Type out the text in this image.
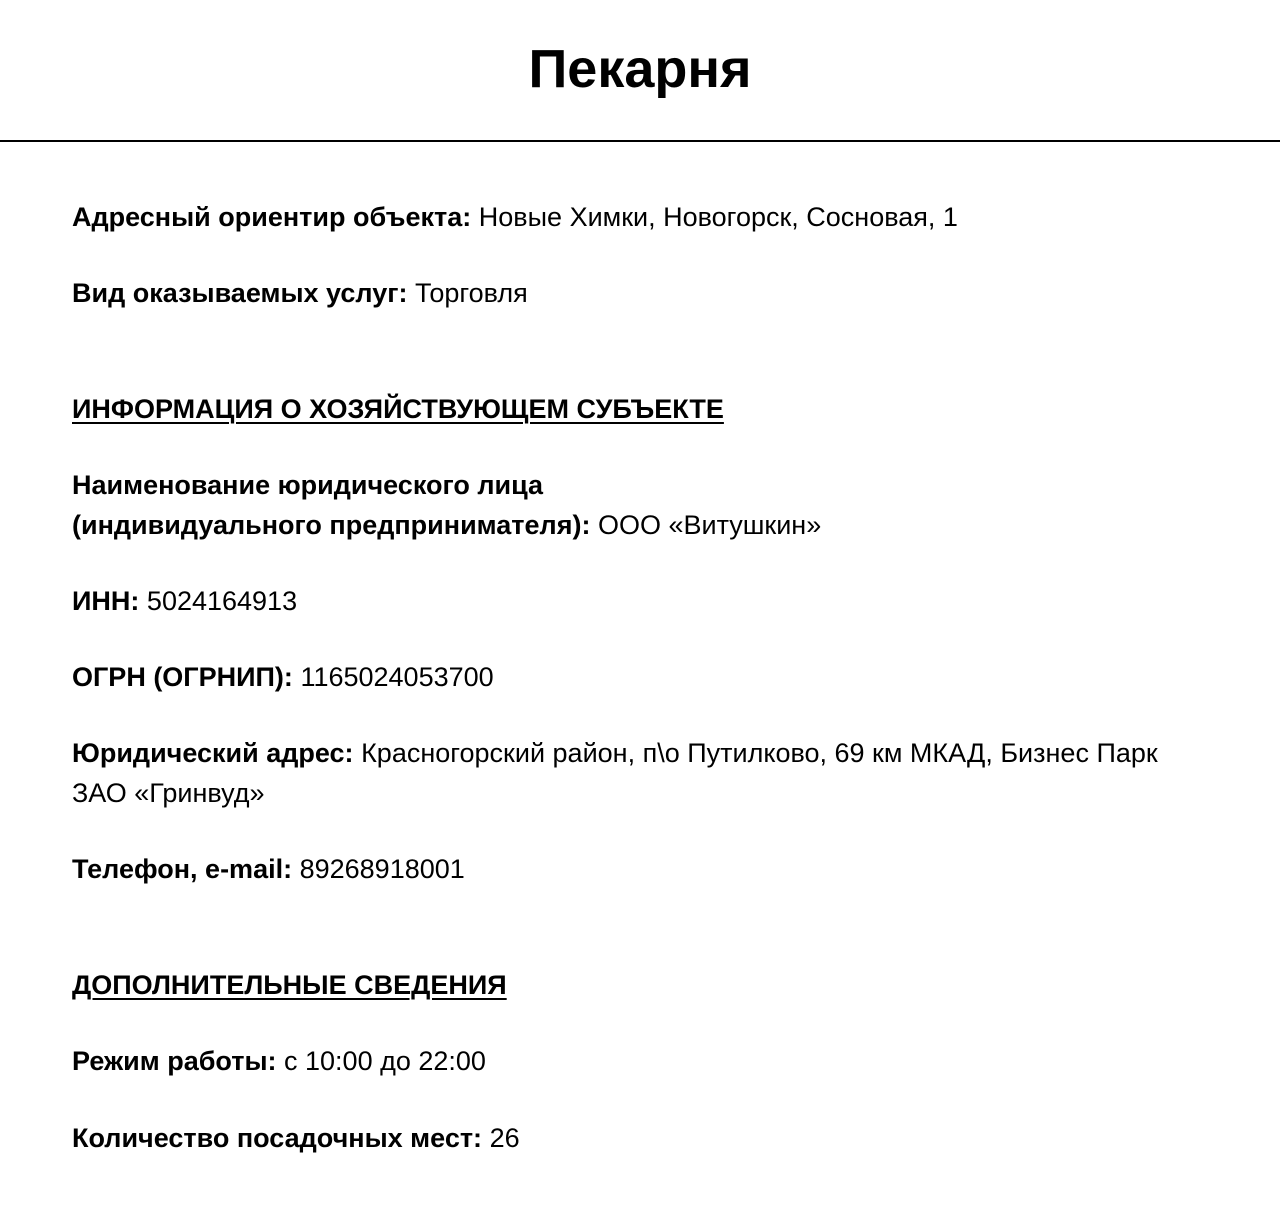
Пекарня
Адресный ориентир объекта: Новые Химки, Новогорск, Сосновая, 1
Вид оказываемых услуг: Торговля
ИНФОРМАЦИЯ О ХОЗЯЙСТВУЮЩЕМ СУБЪЕКТЕ
Наименование юридического лица
(индивидуального предпринимателя): ООО «Витушкин»
ИНН: 5024164913
ОГРН (ОГРНИП): 1165024053700
Юридический адрес: Красногорский район, п\о Путилково, 69 км МКАД, Бизнес Парк ЗАО «Гринвуд»
Телефон, e-mail: 89268918001
ДОПОЛНИТЕЛЬНЫЕ СВЕДЕНИЯ
Режим работы: с 10:00 до 22:00
Количество посадочных мест: 26
